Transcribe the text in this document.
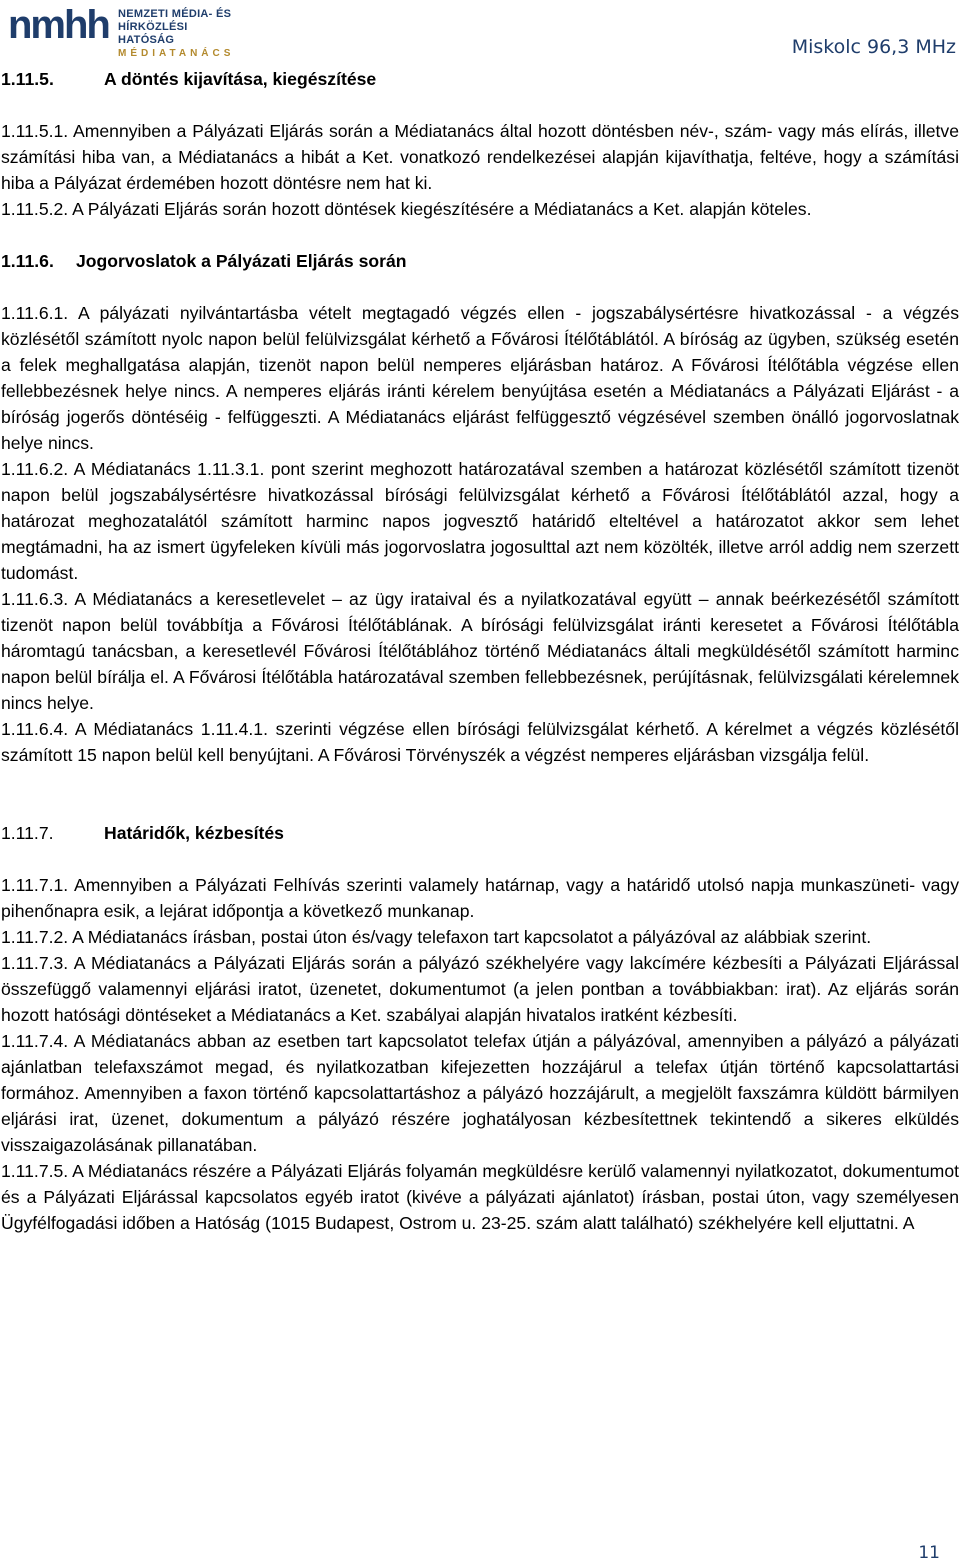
nmhh NEMZETI MÉDIA- ÉS
HÍRKÖZLÉSI HATÓSÁG
MÉDIATANÁCS	Miskolc 96,3 MHz

1.11.5.	A döntés kijavítása, kiegészítése

1.11.5.1. Amennyiben a Pályázati Eljárás során a Médiatanács által hozott döntésben név-, szám- vagy más elírás, illetve számítási hiba van, a Médiatanács a hibát a Ket. vonatkozó rendelkezései alapján kijavíthatja, feltéve, hogy a számítási hiba a Pályázat érdemében hozott döntésre nem hat ki.

1.11.5.2. A Pályázati Eljárás során hozott döntések kiegészítésére a Médiatanács a Ket. alapján köteles.

1.11.6. Jogorvoslatok a Pályázati Eljárás során

1.11.6.1. A pályázati nyilvántartásba vételt megtagadó végzés ellen - jogszabálysértésre hivatkozással - a végzés közlésétől számított nyolc napon belül felülvizsgálat kérhető a Fővárosi Ítélőtáblától. A bíróság az ügyben, szükség esetén a felek meghallgatása alapján, tizenöt napon belül nemperes eljárásban határoz. A Fővárosi Ítélőtábla végzése ellen fellebbezésnek helye nincs. A nemperes eljárás iránti kérelem benyújtása esetén a Médiatanács a Pályázati Eljárást - a bíróság jogerős döntéséig - felfüggeszti. A Médiatanács eljárást felfüggesztő végzésével szemben önálló jogorvoslatnak helye nincs.

1.11.6.2. A Médiatanács 1.11.3.1. pont szerint meghozott határozatával szemben a határozat közlésétől számított tizenöt napon belül jogszabálysértésre hivatkozással bírósági felülvizsgálat kérhető a Fővárosi Ítélőtáblától azzal, hogy a határozat meghozatalától számított harminc napos jogvesztő határidő elteltével a határozatot akkor sem lehet megtámadni, ha az ismert ügyfeleken kívüli más jogorvoslatra jogosulttal azt nem közölték, illetve arról addig nem szerzett tudomást.

1.11.6.3. A Médiatanács a keresetlevelet – az ügy irataival és a nyilatkozatával együtt – annak beérkezésétől számított tizenöt napon belül továbbítja a Fővárosi Ítélőtáblának. A bírósági felülvizsgálat iránti keresetet a Fővárosi Ítélőtábla háromtagú tanácsban, a keresetlevél Fővárosi Ítélőtáblához történő Médiatanács általi megküldésétől számított harminc napon belül bírálja el. A Fővárosi Ítélőtábla határozatával szemben fellebbezésnek, perújításnak, felülvizsgálati kérelemnek nincs helye.

1.11.6.4. A Médiatanács 1.11.4.1. szerinti végzése ellen bírósági felülvizsgálat kérhető. A kérelmet a végzés közlésétől számított 15 napon belül kell benyújtani. A Fővárosi Törvényszék a végzést nemperes eljárásban vizsgálja felül.

1.11.7.	Határidők, kézbesítés

1.11.7.1. Amennyiben a Pályázati Felhívás szerinti valamely határnap, vagy a határidő utolsó napja munkaszüneti- vagy pihenőnapra esik, a lejárat időpontja a következő munkanap.

1.11.7.2. A Médiatanács írásban, postai úton és/vagy telefaxon tart kapcsolatot a pályázóval az alábbiak szerint.

1.11.7.3. A Médiatanács a Pályázati Eljárás során a pályázó székhelyére vagy lakcímére kézbesíti a Pályázati Eljárással összefüggő valamennyi eljárási iratot, üzenetet, dokumentumot (a jelen pontban a továbbiakban: irat). Az eljárás során hozott hatósági döntéseket a Médiatanács a Ket. szabályai alapján hivatalos iratként kézbesíti.

1.11.7.4. A Médiatanács abban az esetben tart kapcsolatot telefax útján a pályázóval, amennyiben a pályázó a pályázati ajánlatban telefaxszámot megad, és nyilatkozatban kifejezetten hozzájárul a telefax útján történő kapcsolattartási formához. Amennyiben a faxon történő kapcsolattartáshoz a pályázó hozzájárult, a megjelölt faxszámra küldött bármilyen eljárási irat, üzenet, dokumentum a pályázó részére joghatályosan kézbesítettnek tekintendő a sikeres elküldés visszaigazolásának pillanatában.

1.11.7.5. A Médiatanács részére a Pályázati Eljárás folyamán megküldésre kerülő valamennyi nyilatkozatot, dokumentumot és a Pályázati Eljárással kapcsolatos egyéb iratot (kivéve a pályázati ajánlatot) írásban, postai úton, vagy személyesen Ügyfélfogadási időben a Hatóság (1015 Budapest, Ostrom u. 23-25. szám alatt található) székhelyére kell eljuttatni. A

11
